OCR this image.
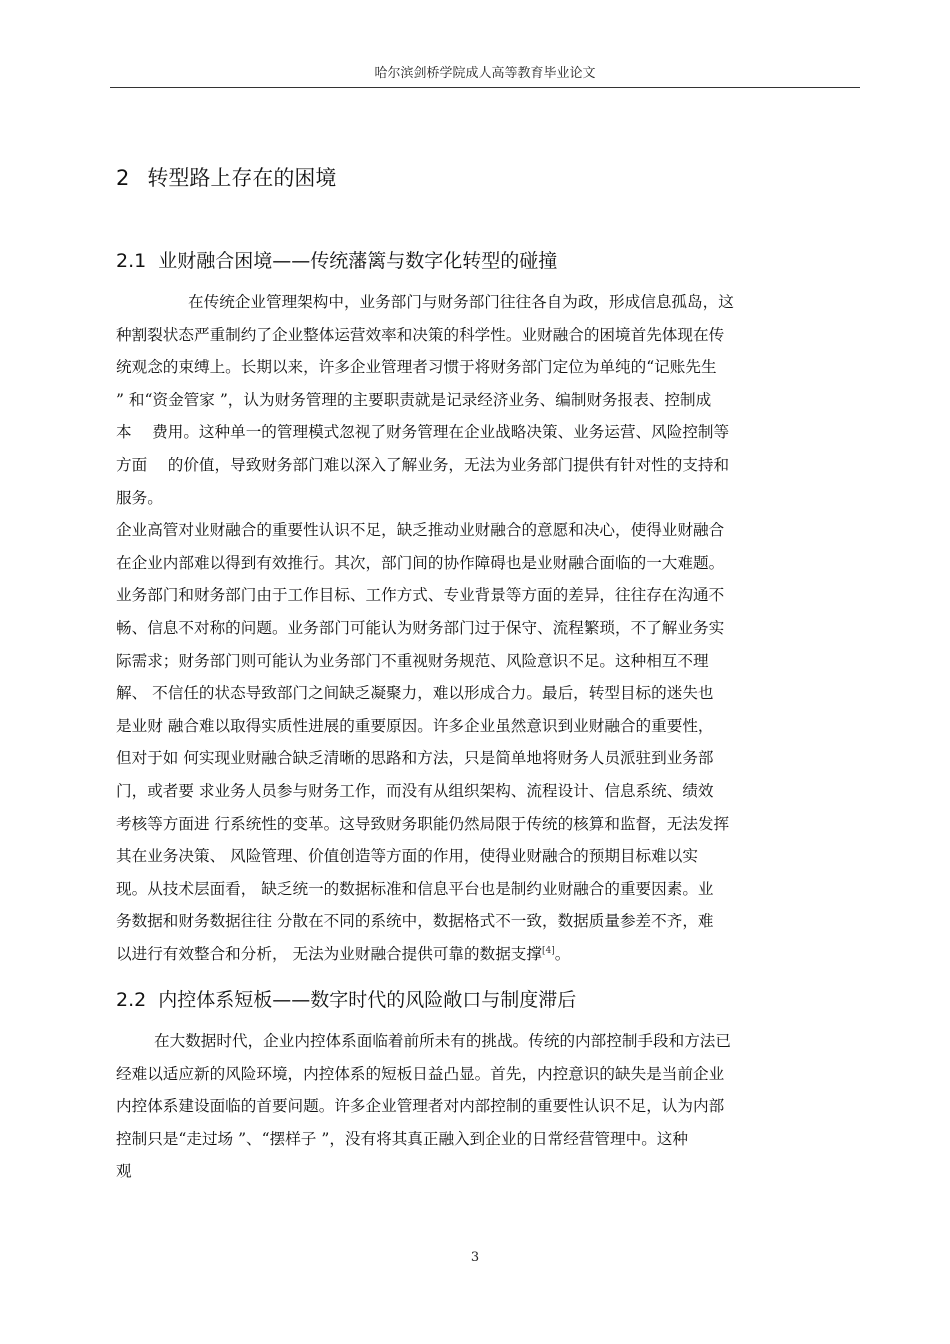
哈尔滨剑桥学院成人高等教育毕业论文
2 转型路上存在的困境
2.1 业财融合困境——传统藩篱与数字化转型的碰撞
在传统企业管理架构中，业务部门与财务部门往往各自为政，形成信息孤岛，这
种割裂状态严重制约了企业整体运营效率和决策的科学性。业财融合的困境首先体现在传
统观念的束缚上。长期以来，许多企业管理者习惯于将财务部门定位为单纯的“记账先生
” 和“资金管家 ”，认为财务管理的主要职责就是记录经济业务、编制财务报表、控制成
本　 费用。这种单一的管理模式忽视了财务管理在企业战略决策、业务运营、风险控制等
方面　 的价值，导致财务部门难以深入了解业务，无法为业务部门提供有针对性的支持和
服务。
企业高管对业财融合的重要性认识不足，缺乏推动业财融合的意愿和决心，使得业财融合
在企业内部难以得到有效推行。其次，部门间的协作障碍也是业财融合面临的一大难题。
业务部门和财务部门由于工作目标、工作方式、专业背景等方面的差异，往往存在沟通不
畅、信息不对称的问题。业务部门可能认为财务部门过于保守、流程繁琐，不了解业务实
际需求；财务部门则可能认为业务部门不重视财务规范、风险意识不足。这种相互不理
解、 不信任的状态导致部门之间缺乏凝聚力，难以形成合力。最后，转型目标的迷失也
是业财 融合难以取得实质性进展的重要原因。许多企业虽然意识到业财融合的重要性，
但对于如 何实现业财融合缺乏清晰的思路和方法，只是简单地将财务人员派驻到业务部
门，或者要 求业务人员参与财务工作，而没有从组织架构、流程设计、信息系统、绩效
考核等方面进 行系统性的变革。这导致财务职能仍然局限于传统的核算和监督，无法发挥
其在业务决策、 风险管理、价值创造等方面的作用，使得业财融合的预期目标难以实
现。从技术层面看， 缺乏统一的数据标准和信息平台也是制约业财融合的重要因素。业
务数据和财务数据往往 分散在不同的系统中，数据格式不一致，数据质量参差不齐，难
以进行有效整合和分析， 无法为业财融合提供可靠的数据支撑[4]。
2.2 内控体系短板——数字时代的风险敞口与制度滞后
在大数据时代，企业内控体系面临着前所未有的挑战。传统的内部控制手段和方法已
经难以适应新的风险环境，内控体系的短板日益凸显。首先，内控意识的缺失是当前企业
内控体系建设面临的首要问题。许多企业管理者对内部控制的重要性认识不足，认为内部
控制只是“走过场 ”、“摆样子 ”，没有将其真正融入到企业的日常经营管理中。这种
观
3
